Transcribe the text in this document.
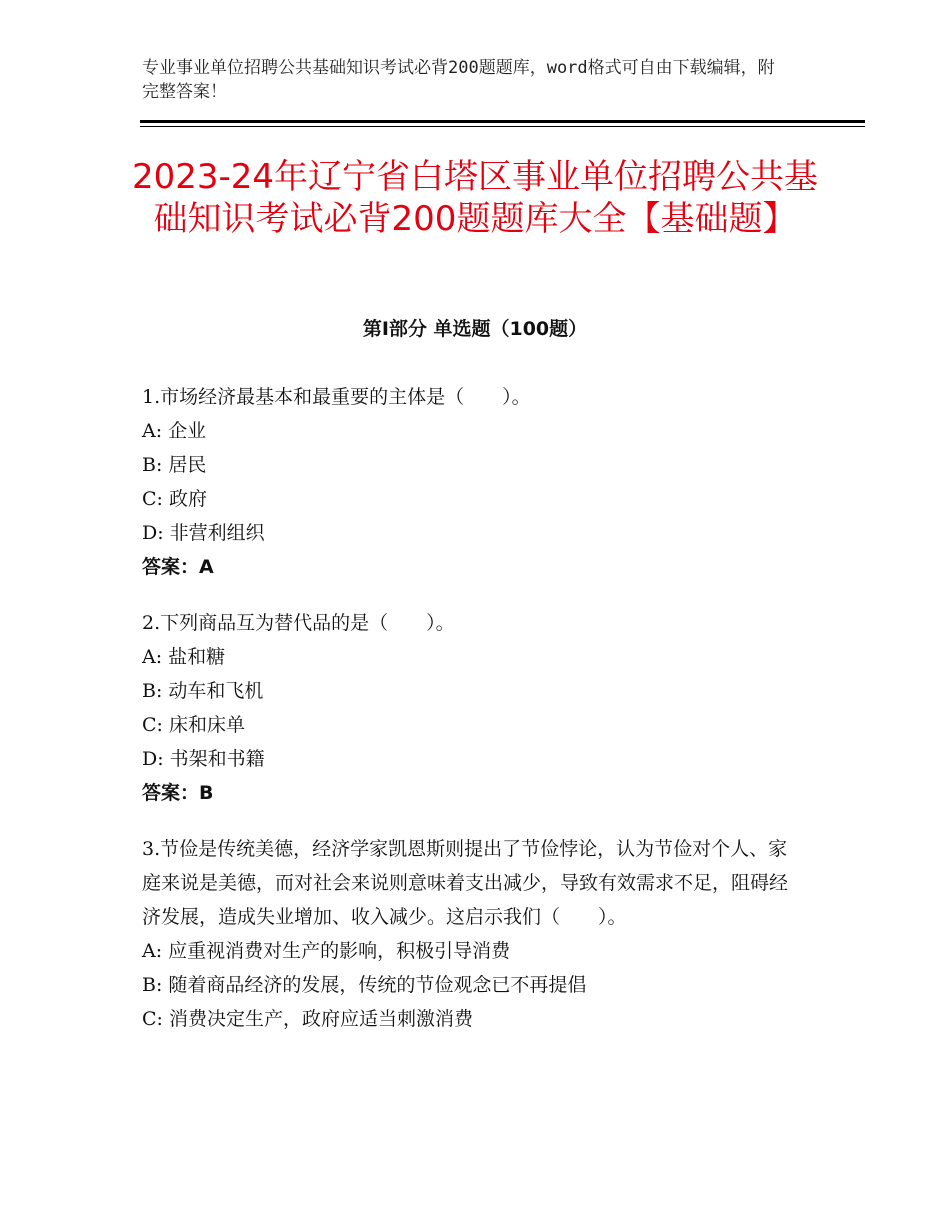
专业事业单位招聘公共基础知识考试必背200题题库，word格式可自由下载编辑，附完整答案！
2023-24年辽宁省白塔区事业单位招聘公共基础知识考试必背200题题库大全【基础题】
第Ⅰ部分 单选题（100题）

1.市场经济最基本和最重要的主体是（　　）。

A: 企业

B: 居民

C: 政府

D: 非营利组织

答案：A

2.下列商品互为替代品的是（　　）。

A: 盐和糖

B: 动车和飞机

C: 床和床单

D: 书架和书籍

答案：B

3.节俭是传统美德，经济学家凯恩斯则提出了节俭悖论，认为节俭对个人、家庭来说是美德，而对社会来说则意味着支出减少，导致有效需求不足，阻碍经济发展，造成失业增加、收入减少。这启示我们（　　）。

A: 应重视消费对生产的影响，积极引导消费

B: 随着商品经济的发展，传统的节俭观念已不再提倡

C: 消费决定生产，政府应适当刺激消费
